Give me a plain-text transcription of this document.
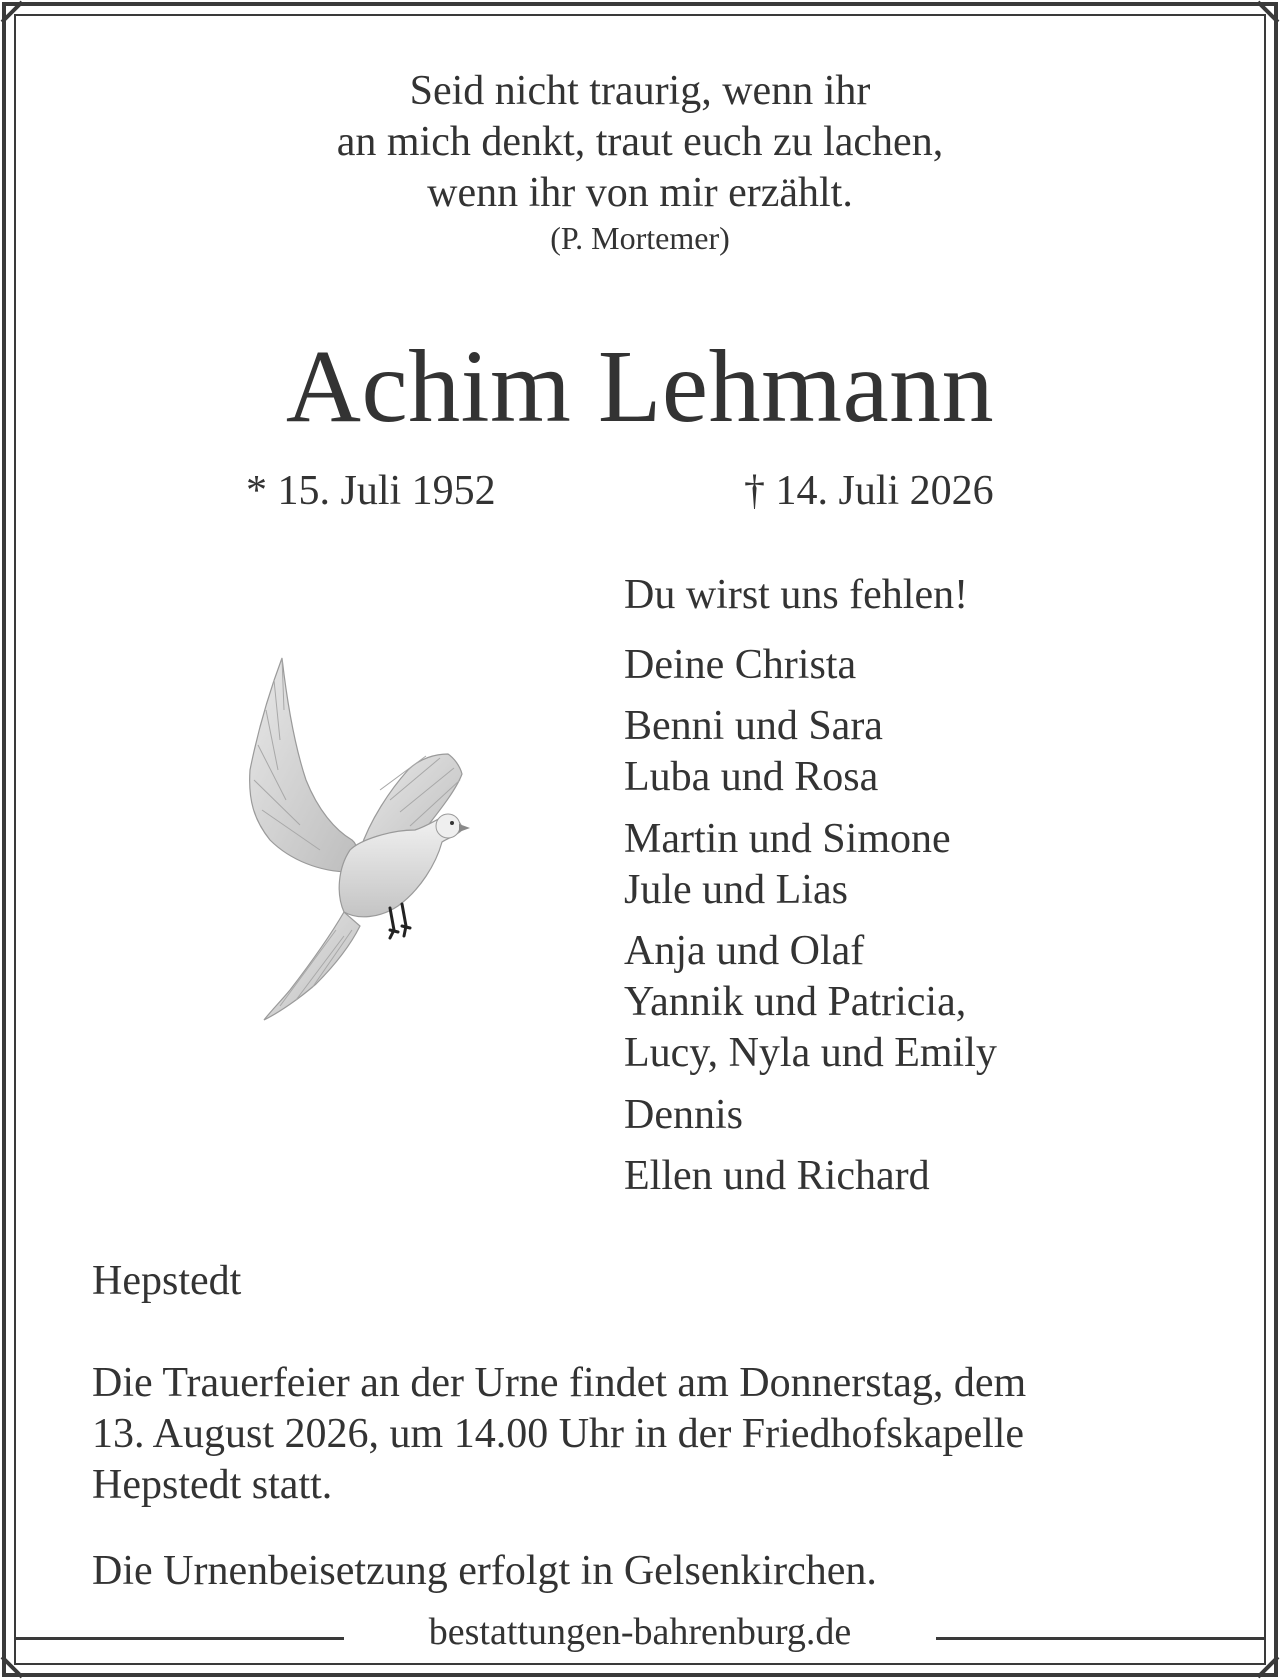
Seid nicht traurig, wenn ihr
an mich denkt, traut euch zu lachen,
wenn ihr von mir erzählt.
(P. Mortemer)
Achim Lehmann
* 15. Juli 1952	† 14. Juli 2026
Du wirst uns fehlen!
Deine Christa
Benni und Sara
Luba und Rosa
Martin und Simone
Jule und Lias
Anja und Olaf
Yannik und Patricia,
Lucy, Nyla und Emily
Dennis
Ellen und Richard
Hepstedt
Die Trauerfeier an der Urne findet am Donnerstag, dem
13. August 2026, um 14.00 Uhr in der Friedhofskapelle
Hepstedt statt.
Die Urnenbeisetzung erfolgt in Gelsenkirchen.
bestattungen-bahrenburg.de
